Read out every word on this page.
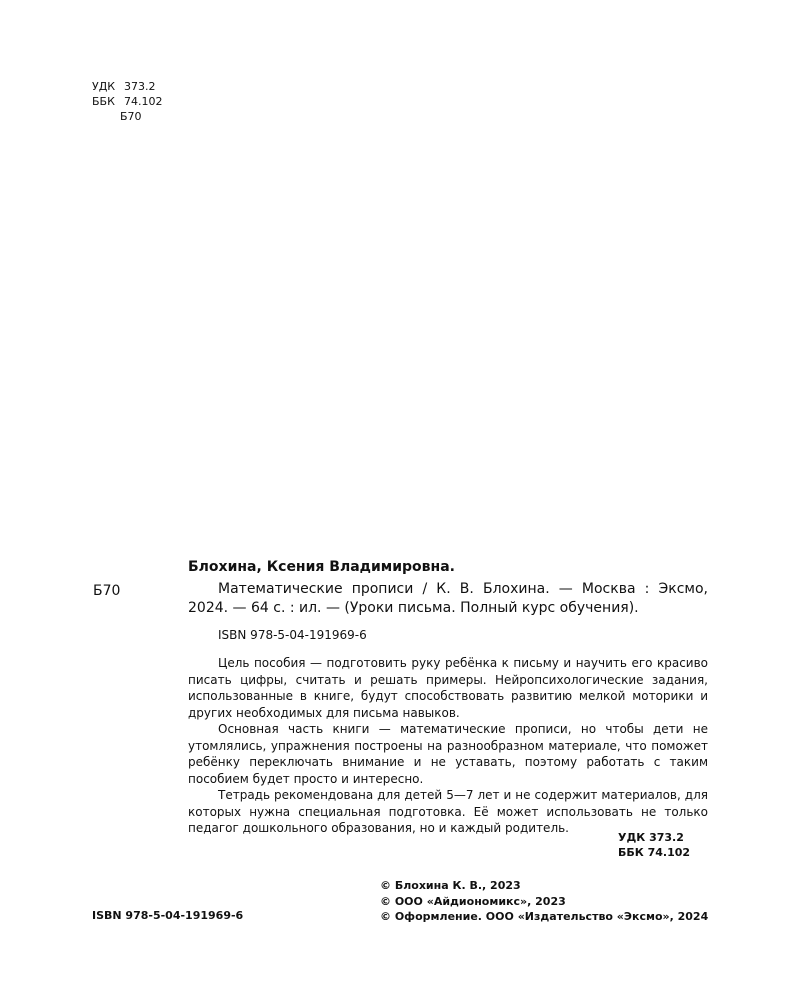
УДК 373.2
ББК 74.102
Б70
Б70

Блохина, Ксения Владимировна.

Математические прописи / К. В. Блохина. — Москва : Эксмо, 2024. — 64 с. : ил. — (Уроки письма. Полный курс обучения).

ISBN 978-5-04-191969-6

Цель пособия — подготовить руку ребёнка к письму и научить его красиво писать цифры, считать и решать примеры. Нейропсихологические задания, использованные в книге, будут способствовать развитию мелкой моторики и других необходимых для письма навыков.

Основная часть книги — математические прописи, но чтобы дети не утомлялись, упражнения построены на разнообразном материале, что поможет ребёнку переключать внимание и не уставать, поэтому работать с таким пособием будет просто и интересно.

Тетрадь рекомендована для детей 5—7 лет и не содержит материалов, для которых нужна специальная подготовка. Её может использовать не только педагог дошкольного образования, но и каждый родитель.

УДК 373.2
ББК 74.102
© Блохина К. В., 2023
© ООО «Айдиономикс», 2023
© Оформление. ООО «Издательство «Эксмо», 2024
ISBN 978-5-04-191969-6
